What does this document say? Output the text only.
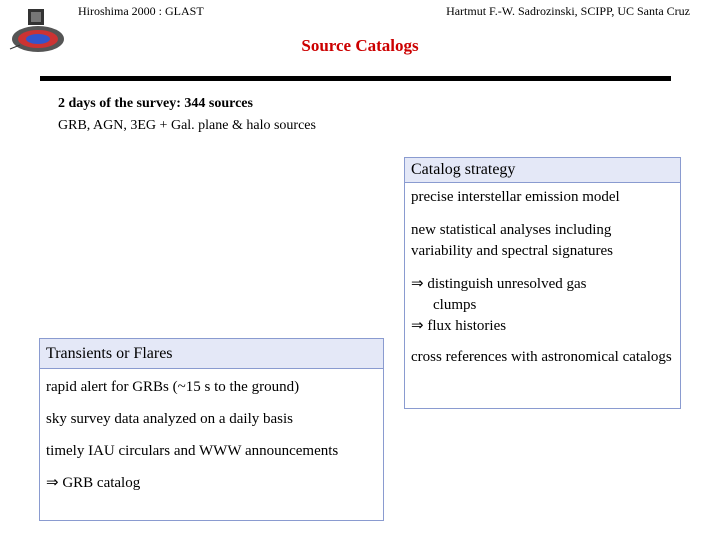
Hiroshima 2000 : GLAST	Hartmut F.-W. Sadrozinski, SCIPP, UC Santa Cruz
Source Catalogs
2 days of the survey: 344 sources
GRB, AGN, 3EG + Gal. plane & halo sources
Catalog strategy

precise interstellar emission model

new statistical analyses including variability and spectral signatures

⇒ distinguish unresolved gas

clumps

⇒ flux histories

cross references with astronomical catalogs

Transients or Flares

rapid alert for GRBs (~15 s to the ground)

sky survey data analyzed on a daily basis

timely IAU circulars and WWW announcements

⇒ GRB catalog
